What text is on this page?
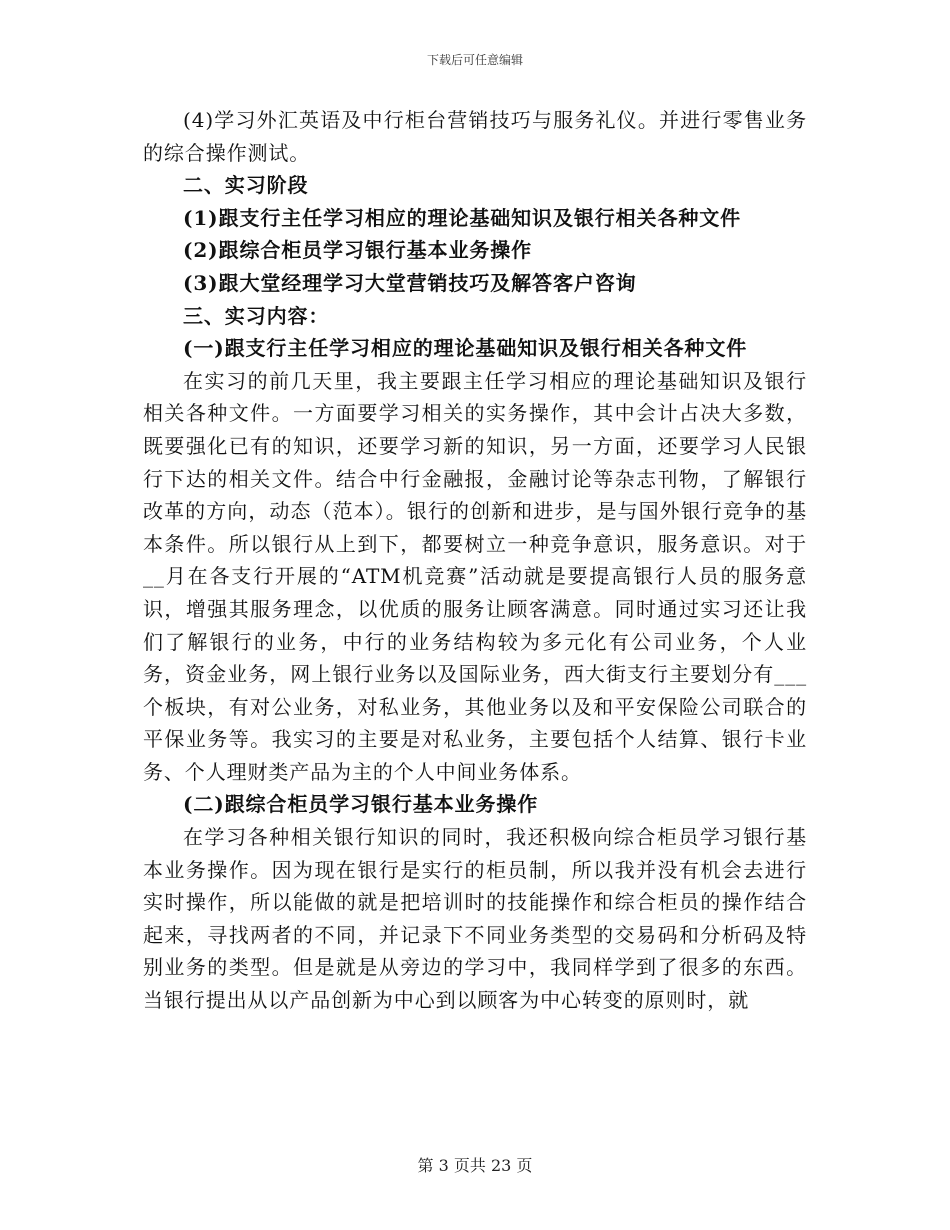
下载后可任意编辑

(4)学习外汇英语及中行柜台营销技巧与服务礼仪。并进行零售业务的综合操作测试。

二、实习阶段

(1)跟支行主任学习相应的理论基础知识及银行相关各种文件

(2)跟综合柜员学习银行基本业务操作

(3)跟大堂经理学习大堂营销技巧及解答客户咨询

三、实习内容：

(一)跟支行主任学习相应的理论基础知识及银行相关各种文件

在实习的前几天里，我主要跟主任学习相应的理论基础知识及银行相关各种文件。一方面要学习相关的实务操作，其中会计占决大多数，既要强化已有的知识，还要学习新的知识，另一方面，还要学习人民银行下达的相关文件。结合中行金融报，金融讨论等杂志刊物，了解银行改革的方向，动态（范本）。银行的创新和进步，是与国外银行竞争的基本条件。所以银行从上到下，都要树立一种竞争意识，服务意识。对于__月在各支行开展的“ATM机竞赛”活动就是要提高银行人员的服务意识，增强其服务理念，以优质的服务让顾客满意。同时通过实习还让我们了解银行的业务，中行的业务结构较为多元化有公司业务，个人业务，资金业务，网上银行业务以及国际业务，西大街支行主要划分有___个板块，有对公业务，对私业务，其他业务以及和平安保险公司联合的平保业务等。我实习的主要是对私业务，主要包括个人结算、银行卡业务、个人理财类产品为主的个人中间业务体系。

(二)跟综合柜员学习银行基本业务操作

在学习各种相关银行知识的同时，我还积极向综合柜员学习银行基本业务操作。因为现在银行是实行的柜员制，所以我并没有机会去进行实时操作，所以能做的就是把培训时的技能操作和综合柜员的操作结合起来，寻找两者的不同，并记录下不同业务类型的交易码和分析码及特别业务的类型。但是就是从旁边的学习中，我同样学到了很多的东西。当银行提出从以产品创新为中心到以顾客为中心转变的原则时，就

第 3 页共 23 页
